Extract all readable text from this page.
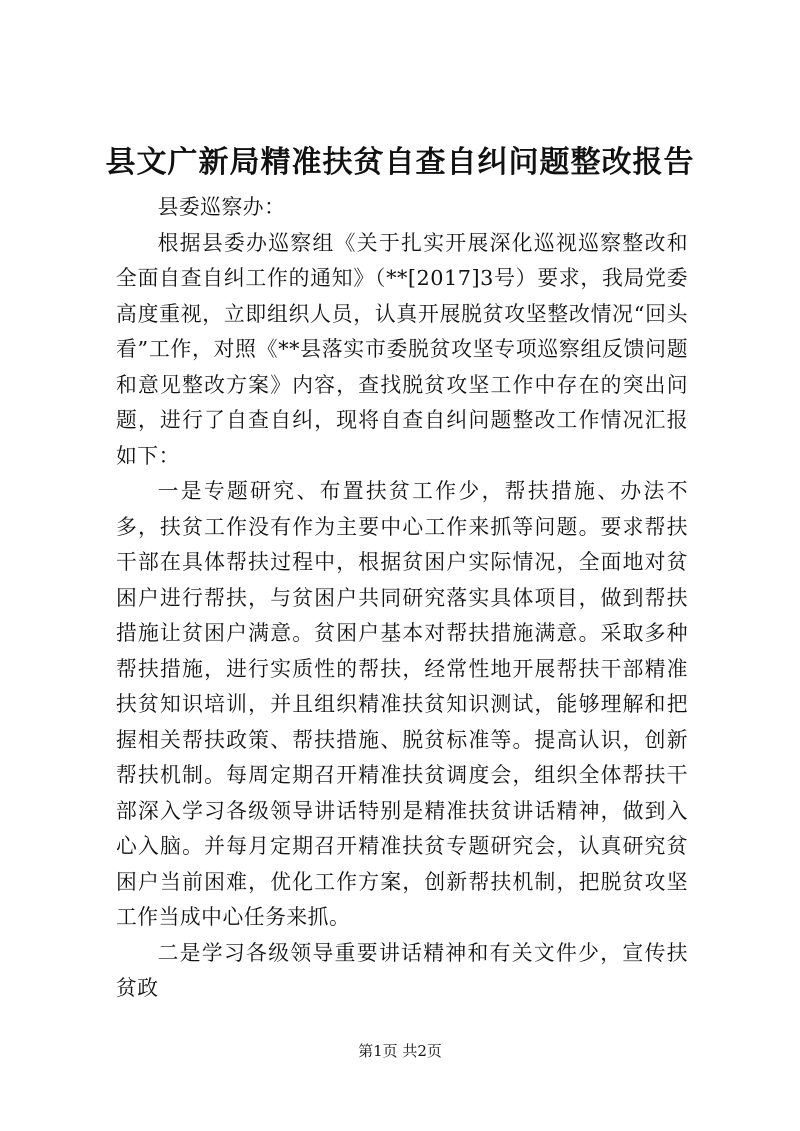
县文广新局精准扶贫自查自纠问题整改报告

县委巡察办：

根据县委办巡察组《关于扎实开展深化巡视巡察整改和全面自查自纠工作的通知》（**[2017]3号）要求，我局党委高度重视，立即组织人员，认真开展脱贫攻坚整改情况“回头看”工作，对照《**县落实市委脱贫攻坚专项巡察组反馈问题和意见整改方案》内容，查找脱贫攻坚工作中存在的突出问题，进行了自查自纠，现将自查自纠问题整改工作情况汇报如下：

一是专题研究、布置扶贫工作少，帮扶措施、办法不多，扶贫工作没有作为主要中心工作来抓等问题。要求帮扶干部在具体帮扶过程中，根据贫困户实际情况，全面地对贫困户进行帮扶，与贫困户共同研究落实具体项目，做到帮扶措施让贫困户满意。贫困户基本对帮扶措施满意。采取多种帮扶措施，进行实质性的帮扶，经常性地开展帮扶干部精准扶贫知识培训，并且组织精准扶贫知识测试，能够理解和把握相关帮扶政策、帮扶措施、脱贫标准等。提高认识，创新帮扶机制。每周定期召开精准扶贫调度会，组织全体帮扶干部深入学习各级领导讲话特别是精准扶贫讲话精神，做到入心入脑。并每月定期召开精准扶贫专题研究会，认真研究贫困户当前困难，优化工作方案，创新帮扶机制，把脱贫攻坚工作当成中心任务来抓。

二是学习各级领导重要讲话精神和有关文件少，宣传扶贫政

第1页 共2页
